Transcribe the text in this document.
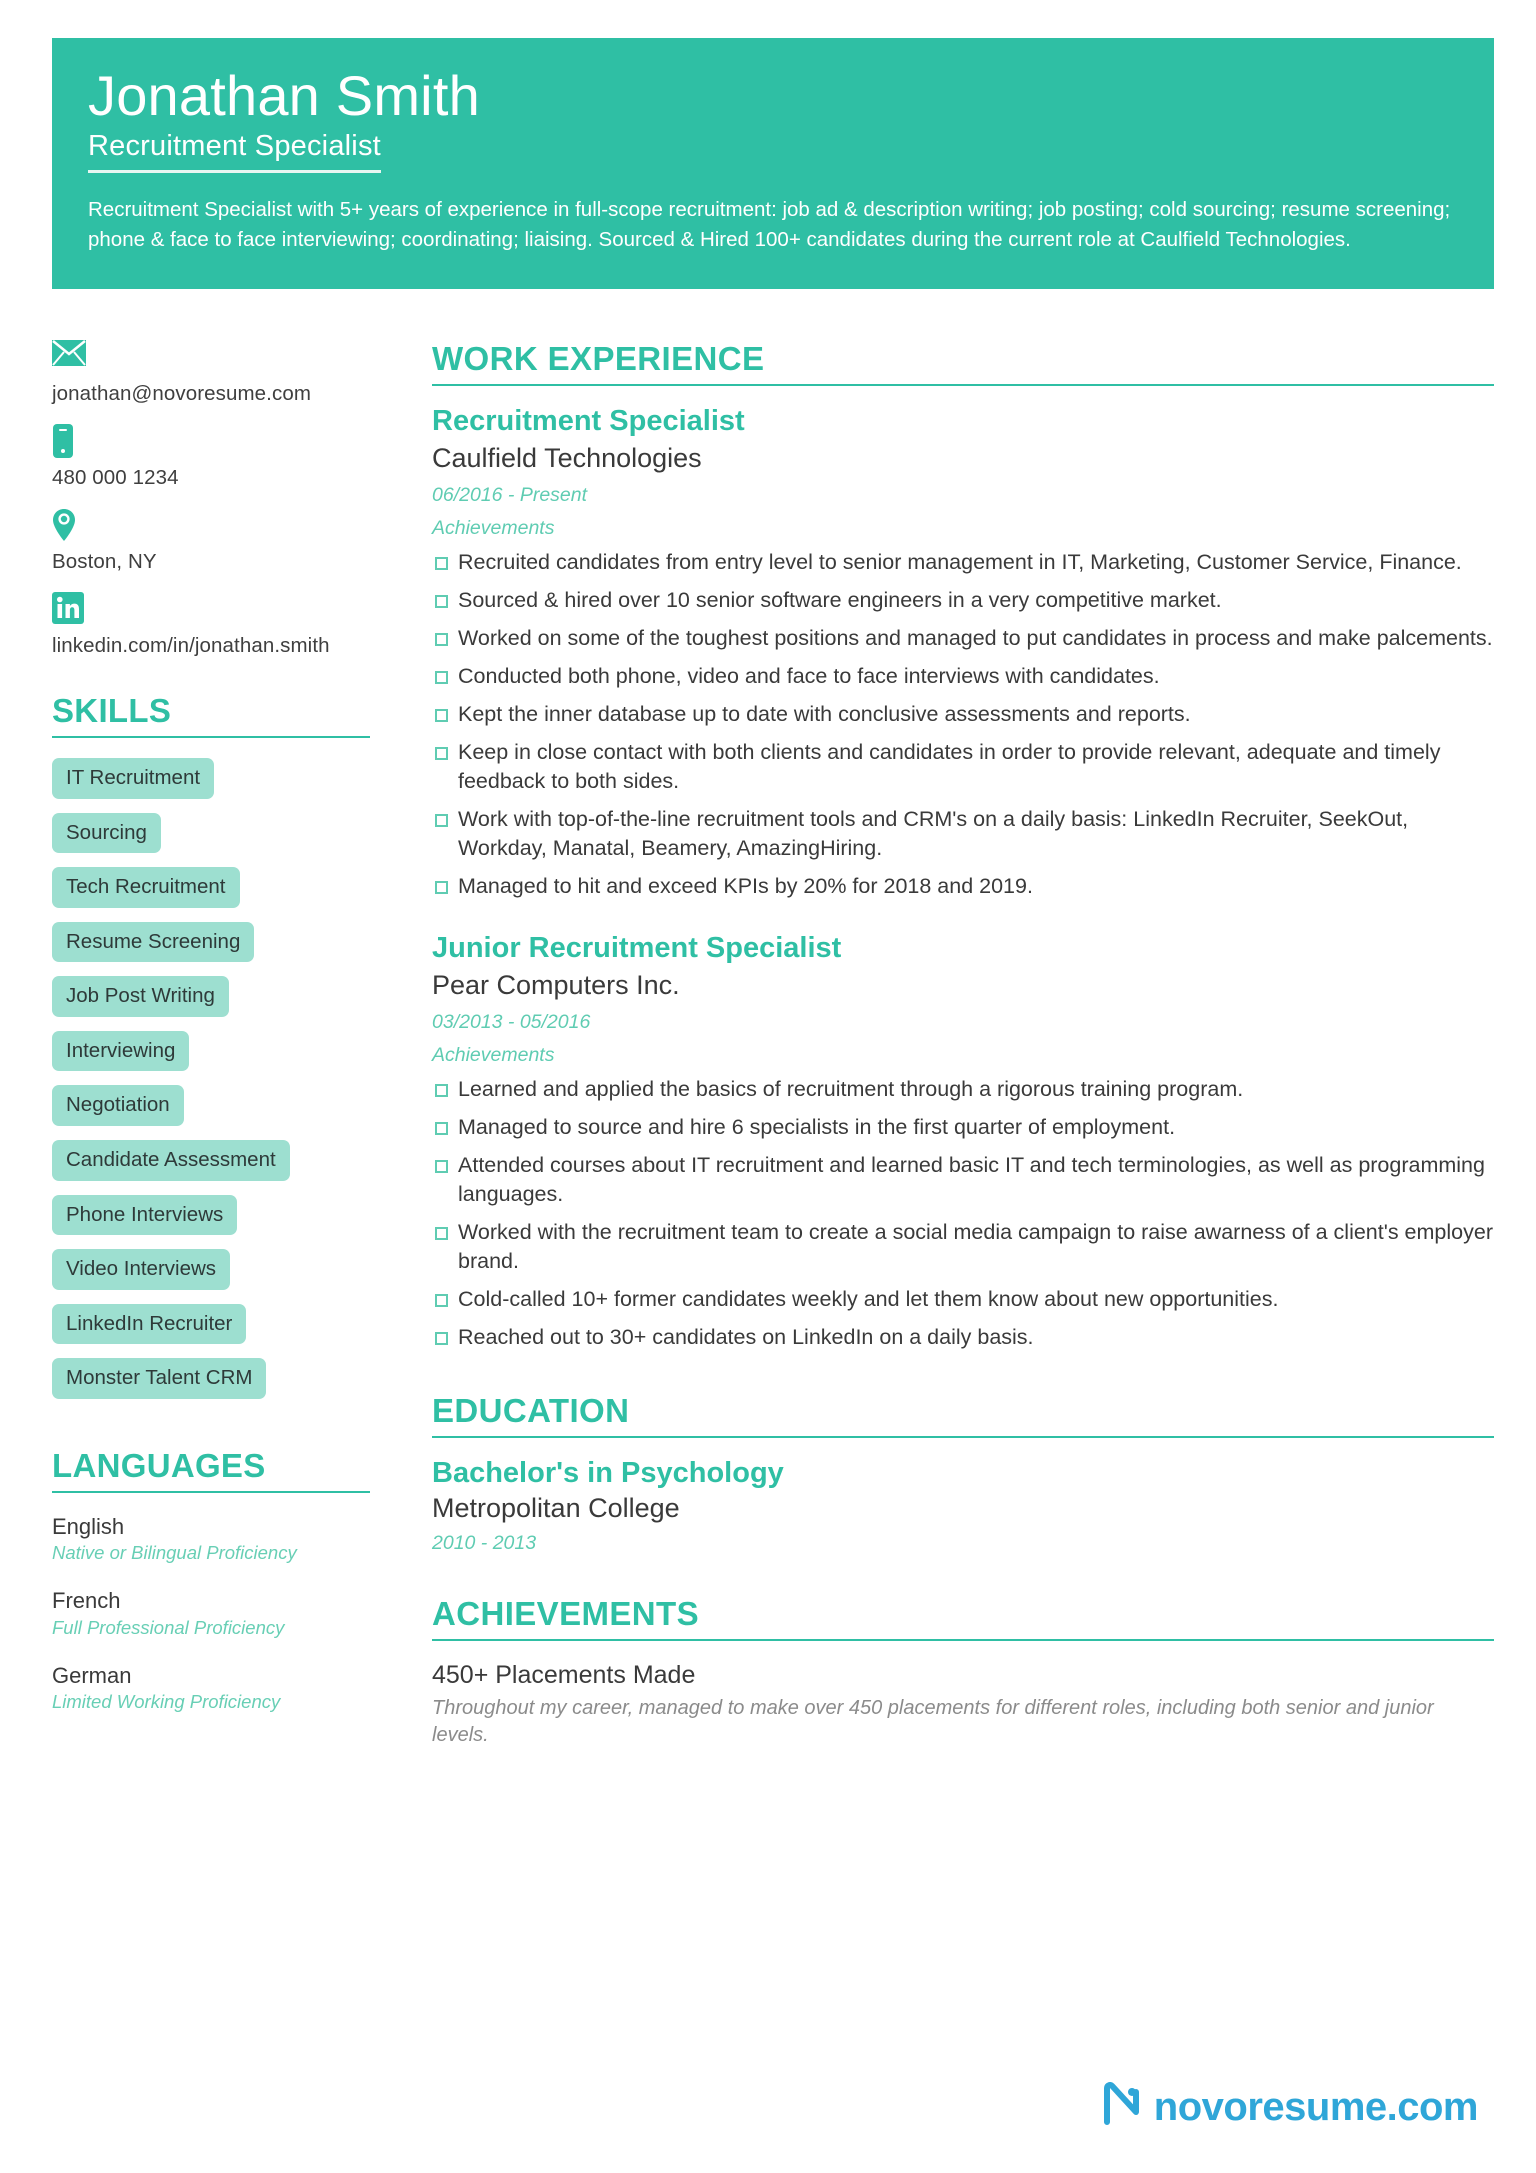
Jonathan Smith
Recruitment Specialist
Recruitment Specialist with 5+ years of experience in full-scope recruitment: job ad & description writing; job posting; cold sourcing; resume screening; phone & face to face interviewing; coordinating; liaising. Sourced & Hired 100+ candidates during the current role at Caulfield Technologies.
jonathan@novoresume.com
480 000 1234
Boston, NY
linkedin.com/in/jonathan.smith
SKILLS
IT Recruitment
Sourcing
Tech Recruitment
Resume Screening
Job Post Writing
Interviewing
Negotiation
Candidate Assessment
Phone Interviews
Video Interviews
LinkedIn Recruiter
Monster Talent CRM
LANGUAGES
English
Native or Bilingual Proficiency
French
Full Professional Proficiency
German
Limited Working Proficiency
WORK EXPERIENCE
Recruitment Specialist
Caulfield Technologies
06/2016 - Present
Achievements
Recruited candidates from entry level to senior management in IT, Marketing, Customer Service, Finance.
Sourced & hired over 10 senior software engineers in a very competitive market.
Worked on some of the toughest positions and managed to put candidates in process and make palcements.
Conducted both phone, video and face to face interviews with candidates.
Kept the inner database up to date with conclusive assessments and reports.
Keep in close contact with both clients and candidates in order to provide relevant, adequate and timely feedback to both sides.
Work with top-of-the-line recruitment tools and CRM's on a daily basis: LinkedIn Recruiter, SeekOut, Workday, Manatal, Beamery, AmazingHiring.
Managed to hit and exceed KPIs by 20% for 2018 and 2019.
Junior Recruitment Specialist
Pear Computers Inc.
03/2013 - 05/2016
Achievements
Learned and applied the basics of recruitment through a rigorous training program.
Managed to source and hire 6 specialists in the first quarter of employment.
Attended courses about IT recruitment and learned basic IT and tech terminologies, as well as programming languages.
Worked with the recruitment team to create a social media campaign to raise awarness of a client's employer brand.
Cold-called 10+ former candidates weekly and let them know about new opportunities.
Reached out to 30+ candidates on LinkedIn on a daily basis.
EDUCATION
Bachelor's in Psychology
Metropolitan College
2010 - 2013
ACHIEVEMENTS
450+ Placements Made
Throughout my career, managed to make over 450 placements for different roles, including both senior and junior levels.
novoresume.com
